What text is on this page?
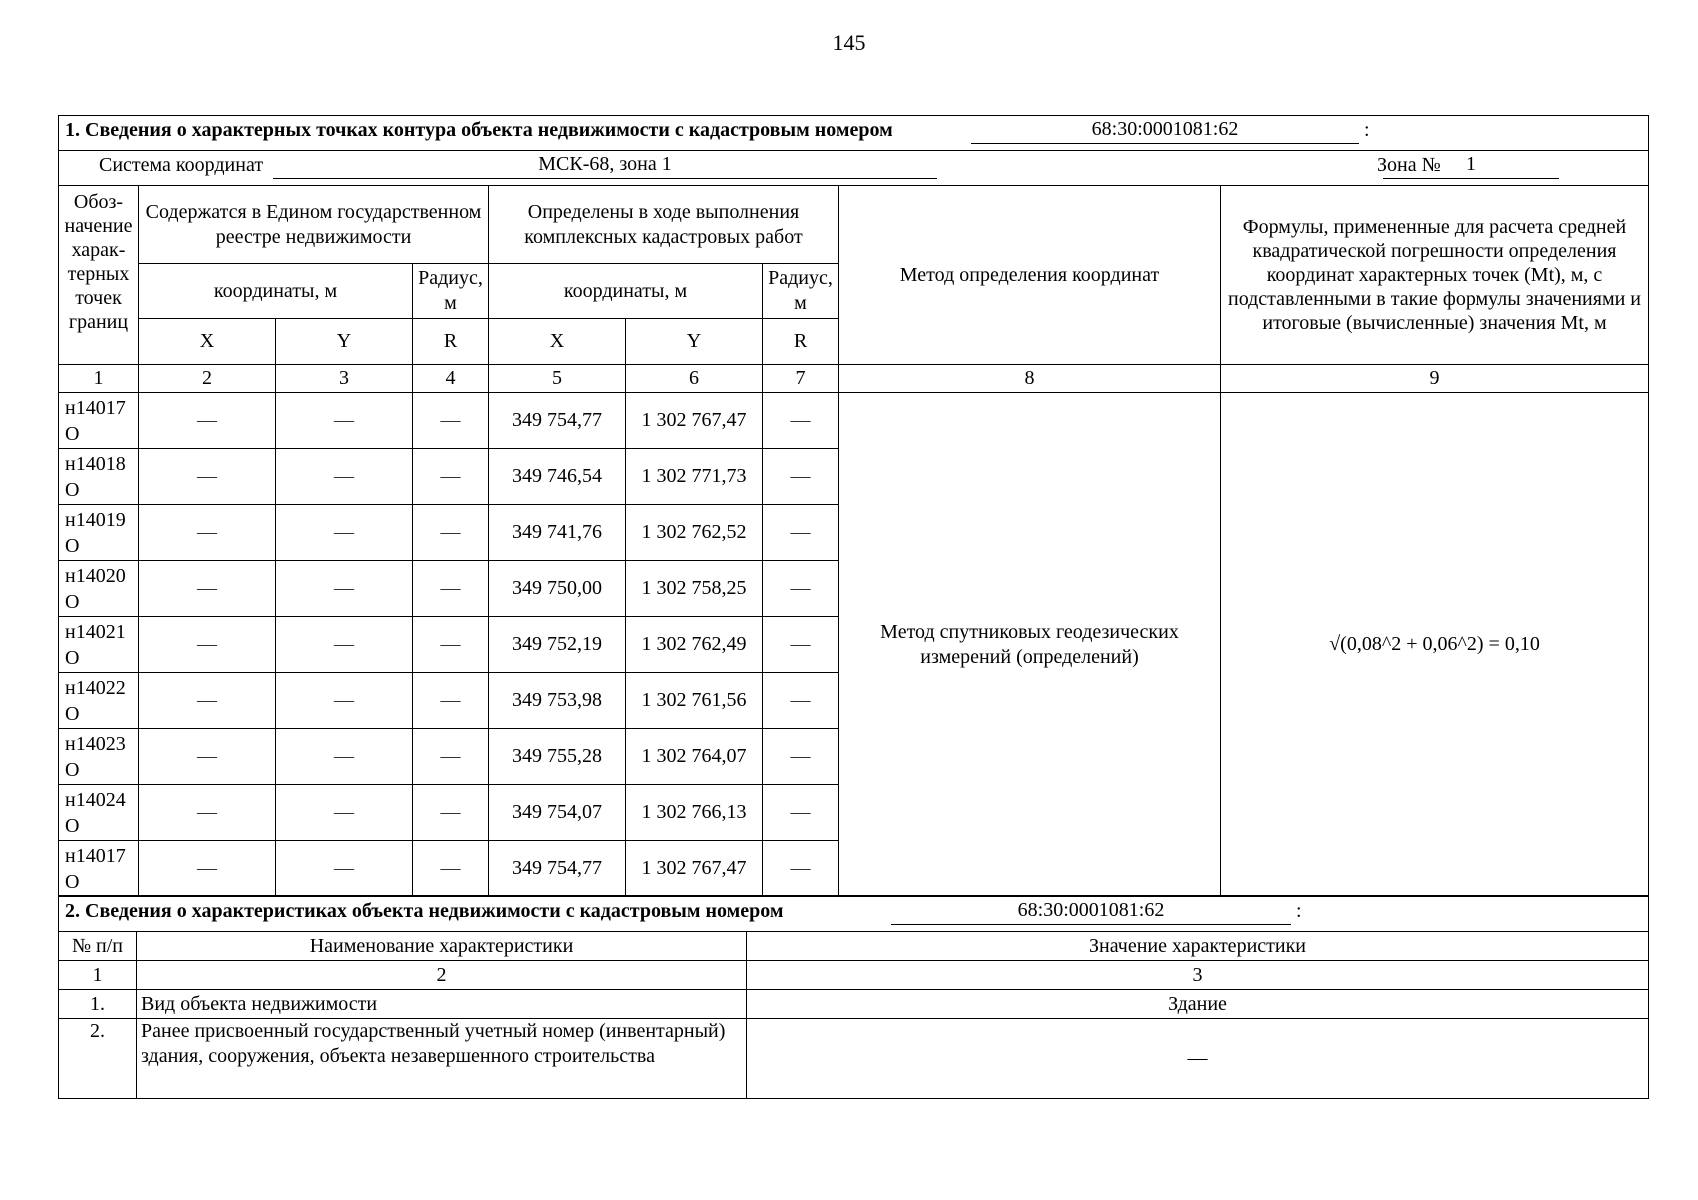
145
1. Сведения о характерных точках контура объекта недвижимости с кадастровым номером 68:30:0001081:62 :								

Система координат МСК-68, зона 1 Зона № 1								

Обоз-начение харак-терных точек границ	Содержатся в Едином государственном реестре недвижимости			Определены в ходе выполнения комплексных кадастровых работ			Метод определения координат	Формулы, примененные для расчета средней квадратической погрешности определения координат характерных точек (Mt), м, с подставленными в такие формулы значениями и итоговые (вычисленные) значения Mt, м
	координаты, м		Радиус, м	координаты, м		Радиус, м		
	X	Y	R	X	Y	R		
1	2	3	4	5	6	7	8	9
н14017 О	—	—	—	349 754,77	1 302 767,47	—	Метод спутниковых геодезических измерений (определений)	√(0,08^2 + 0,06^2) = 0,10
н14018 О	—	—	—	349 746,54	1 302 771,73	—		
н14019 О	—	—	—	349 741,76	1 302 762,52	—		
н14020 О	—	—	—	349 750,00	1 302 758,25	—		
н14021 О	—	—	—	349 752,19	1 302 762,49	—		
н14022 О	—	—	—	349 753,98	1 302 761,56	—		
н14023 О	—	—	—	349 755,28	1 302 764,07	—		
н14024 О	—	—	—	349 754,07	1 302 766,13	—		
н14017 О	—	—	—	349 754,77	1 302 767,47	—		
2. Сведения о характеристиках объекта недвижимости с кадастровым номером 68:30:0001081:62 :		

№ п/п	Наименование характеристики	Значение характеристики
1	2	3
1.	Вид объекта недвижимости	Здание
2.	Ранее присвоенный государственный учетный номер (инвентарный) здания, сооружения, объекта незавершенного строительства	—
